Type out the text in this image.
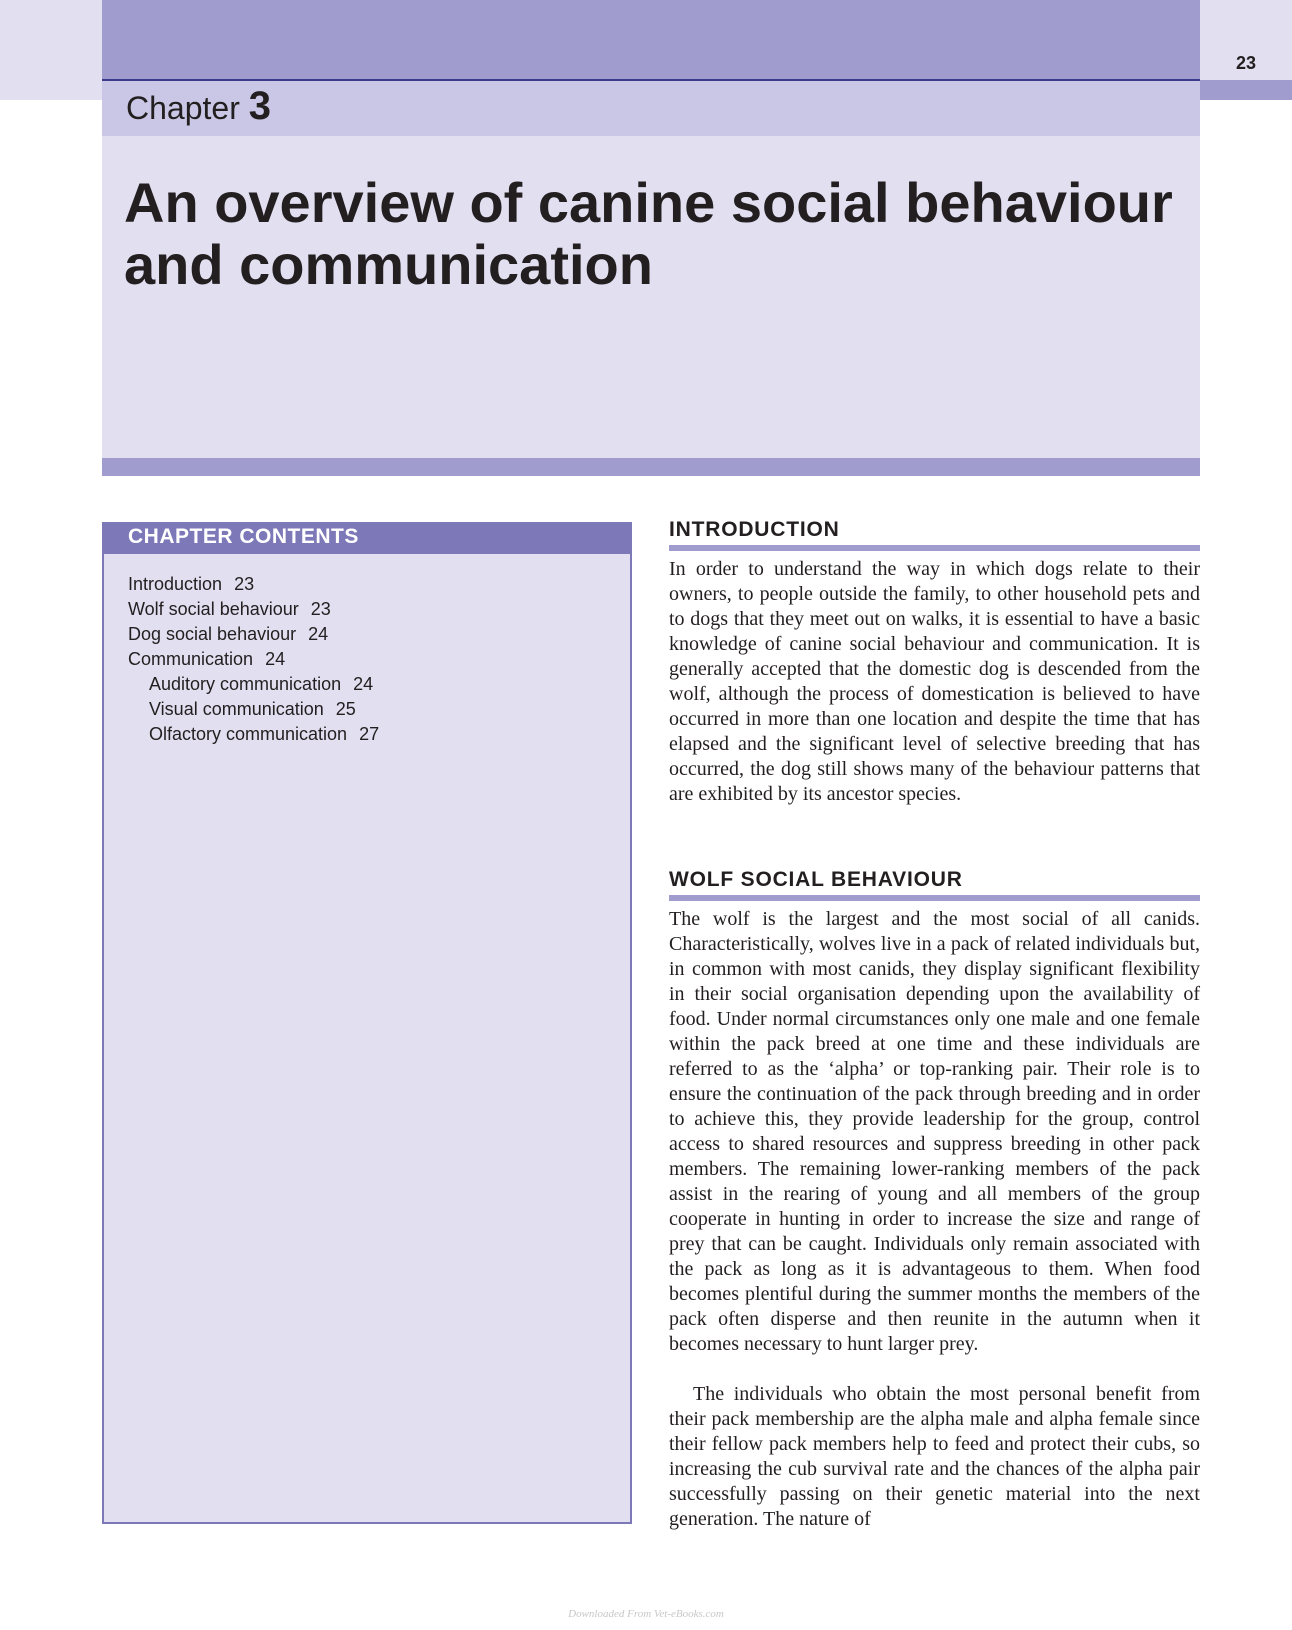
23
Chapter 3
An overview of canine social behaviour and communication
CHAPTER CONTENTS
Introduction 23
Wolf social behaviour 23
Dog social behaviour 24
Communication 24
Auditory communication 24
Visual communication 25
Olfactory communication 27
INTRODUCTION

In order to understand the way in which dogs relate to their owners, to people outside the family, to other household pets and to dogs that they meet out on walks, it is essential to have a basic knowledge of canine social behaviour and communication. It is generally accepted that the domestic dog is descended from the wolf, although the process of domestication is believed to have occurred in more than one location and despite the time that has elapsed and the significant level of selective breeding that has occurred, the dog still shows many of the behaviour patterns that are exhibited by its ancestor species.

WOLF SOCIAL BEHAVIOUR

The wolf is the largest and the most social of all canids. Characteristically, wolves live in a pack of related individuals but, in common with most canids, they display significant flexibility in their social organisation depending upon the availability of food. Under normal circumstances only one male and one female within the pack breed at one time and these individuals are referred to as the ‘alpha’ or top-ranking pair. Their role is to ensure the continuation of the pack through breeding and in order to achieve this, they provide leadership for the group, control access to shared resources and suppress breeding in other pack members. The remaining lower-ranking members of the pack assist in the rearing of young and all members of the group cooperate in hunting in order to increase the size and range of prey that can be caught. Individuals only remain associated with the pack as long as it is advantageous to them. When food becomes plentiful during the summer months the members of the pack often disperse and then reunite in the autumn when it becomes necessary to hunt larger prey.

The individuals who obtain the most personal benefit from their pack membership are the alpha male and alpha female since their fellow pack members help to feed and protect their cubs, so increasing the cub survival rate and the chances of the alpha pair successfully passing on their genetic material into the next generation. The nature of

Downloaded From Vet-eBooks.com
